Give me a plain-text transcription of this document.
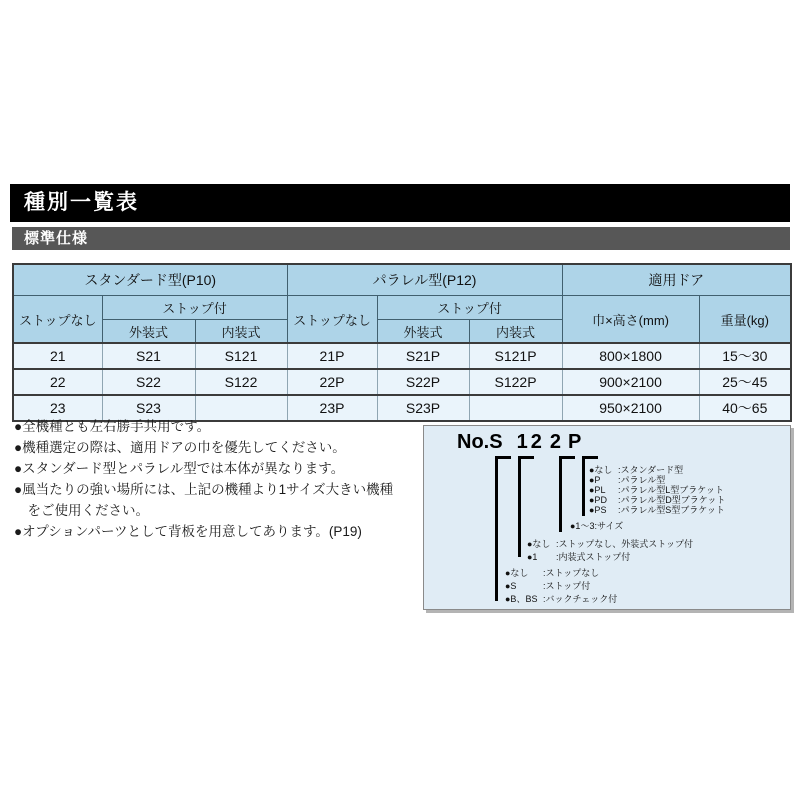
種別一覧表
標準仕様
スタンダード型(P10)			パラレル型(P12)			適用ドア	
ストップなし	ストップ付		ストップなし	ストップ付		巾×高さ(mm)	重量(kg)
	外装式	内装式		外装式	内装式		
21	S21	S121	21P	S21P	S121P	800×1800	15〜30
22	S22	S122	22P	S22P	S122P	900×2100	25〜45
23	S23		23P	S23P		950×2100	40〜65
●全機種とも左右勝手共用です。
●機種選定の際は、適用ドアの巾を優先してください。
●スタンダード型とパラレル型では本体が異なります。
●風当たりの強い場所には、上記の機種より1サイズ大きい機種
　をご使用ください。
●オプションパーツとして背板を用意してあります。(P19)
No.S 1 2 2 P
●なし :スタンダード型
●P	:パラレル型
●PL	:パラレル型L型ブラケット
●PD	:パラレル型D型ブラケット
●PS	:パラレル型S型ブラケット
●1〜3 :サイズ
●なし :ストップなし、外装式ストップ付
●1	:内装式ストップ付
●なし	:ストップなし
●S	:ストップ付
●B、BS :バックチェック付
